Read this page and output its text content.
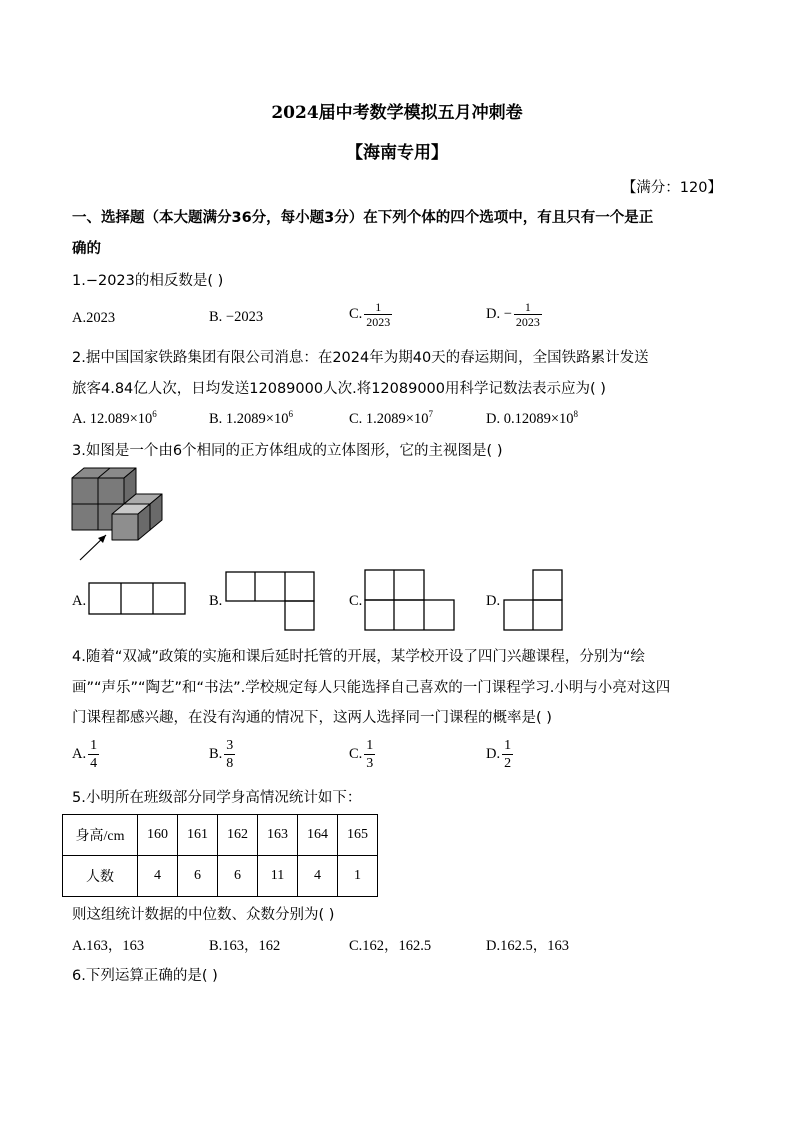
2024届中考数学模拟五月冲刺卷
【海南专用】
【满分：120】
一、选择题（本大题满分36分，每小题3分）在下列个体的四个选项中，有且只有一个是正
确的
1.−2023的相反数是( )
A.2023	B. −2023	C. $\frac{1}{2023}$	D. − $\frac{1}{2023}$
2.据中国国家铁路集团有限公司消息：在2024年为期40天的春运期间，全国铁路累计发送
旅客4.84亿人次，日均发送12089000人次.将12089000用科学记数法表示应为( )
A. $12.089\times 10^6$	B. $1.2089\times 10^6$	C. $1.2089\times 10^7$	D. $0.12089\times 10^8$
3.如图是一个由6个相同的正方体组成的立体图形，它的主视图是( )
A.	B.	C.	D.
4.随着“双减”政策的实施和课后延时托管的开展，某学校开设了四门兴趣课程，分别为“绘
画”“声乐”“陶艺”和“书法”.学校规定每人只能选择自己喜欢的一门课程学习.小明与小亮对这四
门课程都感兴趣，在没有沟通的情况下，这两人选择同一门课程的概率是( )
A. $\frac{1}{4}$	B. $\frac{3}{8}$	C. $\frac{1}{3}$	D. $\frac{1}{2}$
5.小明所在班级部分同学身高情况统计如下：
身高/cm	160	161	162	163	164	165
人数	4	6	6	11	4	1
则这组统计数据的中位数、众数分别为( )
A.163，163	B.163，162	C.162，162.5	D.162.5，163
6.下列运算正确的是( )
